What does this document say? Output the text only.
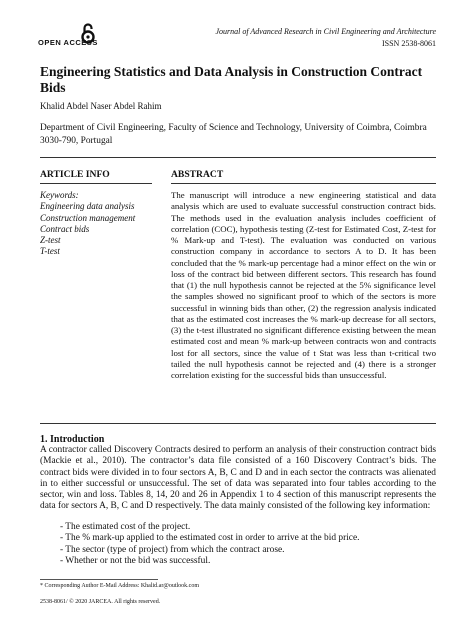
OPEN ACCESS
Journal of Advanced Research in Civil Engineering and Architecture
ISSN 2538-8061
Engineering Statistics and Data Analysis in Construction Contract Bids
Khalid Abdel Naser Abdel Rahim
Department of Civil Engineering, Faculty of Science and Technology, University of Coimbra, Coimbra 3030-790, Portugal
ARTICLE INFO
Keywords:
Engineering data analysis
Construction management
Contract bids
Z-test
T-test
ABSTRACT
The manuscript will introduce a new engineering statistical and data analysis which are used to evaluate successful construction contract bids. The methods used in the evaluation analysis includes coefficient of correlation (COC), hypothesis testing (Z-test for Estimated Cost, Z-test for % Mark-up and T-test). The evaluation was conducted on various construction company in accordance to sectors A to D. It has been concluded that the % mark-up percentage had a minor effect on the win or loss of the contract bid between different sectors. This research has found that (1) the null hypothesis cannot be rejected at the 5% significance level the samples showed no significant proof to which of the sectors is more successful in winning bids than other, (2) the regression analysis indicated that as the estimated cost increases the % mark-up decrease for all sectors, (3) the t-test illustrated no significant difference existing between the mean estimated cost and mean % mark-up between contracts won and contracts lost for all sectors, since the value of t Stat was less than t-critical two tailed the null hypothesis cannot be rejected and (4) there is a stronger correlation existing for the successful bids than unsuccessful.
1. Introduction
A contractor called Discovery Contracts desired to perform an analysis of their construction contract bids (Mackie et al., 2010). The contractor’s data file consisted of a 160 Discovery Contract’s bids. The contract bids were divided in to four sectors A, B, C and D and in each sector the contracts was alienated in to either successful or unsuccessful. The set of data was separated into four tables according to the sector, win and loss. Tables 8, 14, 20 and 26 in Appendix 1 to 4 section of this manuscript represents the data for sectors A, B, C and D respectively. The data mainly consisted of the following key information:
- The estimated cost of the project.
- The % mark-up applied to the estimated cost in order to arrive at the bid price.
- The sector (type of project) from which the contract arose.
- Whether or not the bid was successful.
* Corresponding Author E-Mail Address: Khalid.ar@outlook.com
2538-8061/ © 2020 JARCEA. All rights reserved.
